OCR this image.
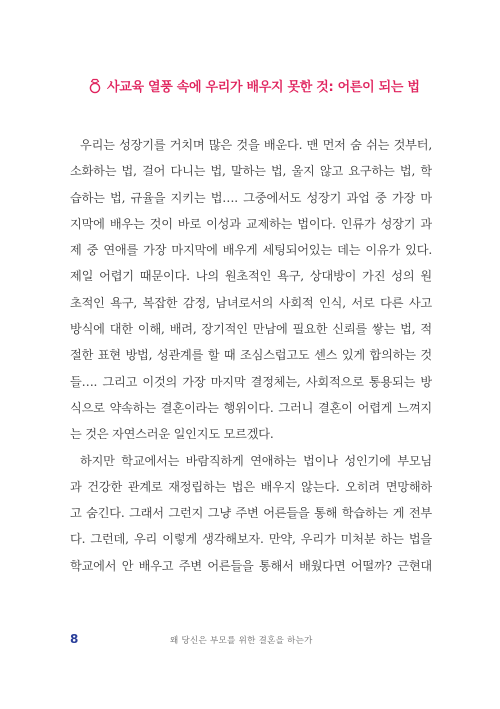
사교육 열풍 속에 우리가 배우지 못한 것: 어른이 되는 법
우리는 성장기를 거치며 많은 것을 배운다. 맨 먼저 숨 쉬는 것부터,
소화하는 법, 걸어 다니는 법, 말하는 법, 울지 않고 요구하는 법, 학
습하는 법, 규율을 지키는 법…. 그중에서도 성장기 과업 중 가장 마
지막에 배우는 것이 바로 이성과 교제하는 법이다. 인류가 성장기 과
제 중 연애를 가장 마지막에 배우게 세팅되어있는 데는 이유가 있다.
제일 어렵기 때문이다. 나의 원초적인 욕구, 상대방이 가진 성의 원
초적인 욕구, 복잡한 감정, 남녀로서의 사회적 인식, 서로 다른 사고
방식에 대한 이해, 배려, 장기적인 만남에 필요한 신뢰를 쌓는 법, 적
절한 표현 방법, 성관계를 할 때 조심스럽고도 센스 있게 합의하는 것
들…. 그리고 이것의 가장 마지막 결정체는, 사회적으로 통용되는 방
식으로 약속하는 결혼이라는 행위이다. 그러니 결혼이 어렵게 느껴지
는 것은 자연스러운 일인지도 모르겠다.
하지만 학교에서는 바람직하게 연애하는 법이나 성인기에 부모님
과 건강한 관계로 재정립하는 법은 배우지 않는다. 오히려 면망해하
고 숨긴다. 그래서 그런지 그냥 주변 어른들을 통해 학습하는 게 전부
다. 그런데, 우리 이렇게 생각해보자. 만약, 우리가 미처분 하는 법을
학교에서 안 배우고 주변 어른들을 통해서 배웠다면 어떨까? 근현대
8	왜 당신은 부모를 위한 결혼을 하는가
